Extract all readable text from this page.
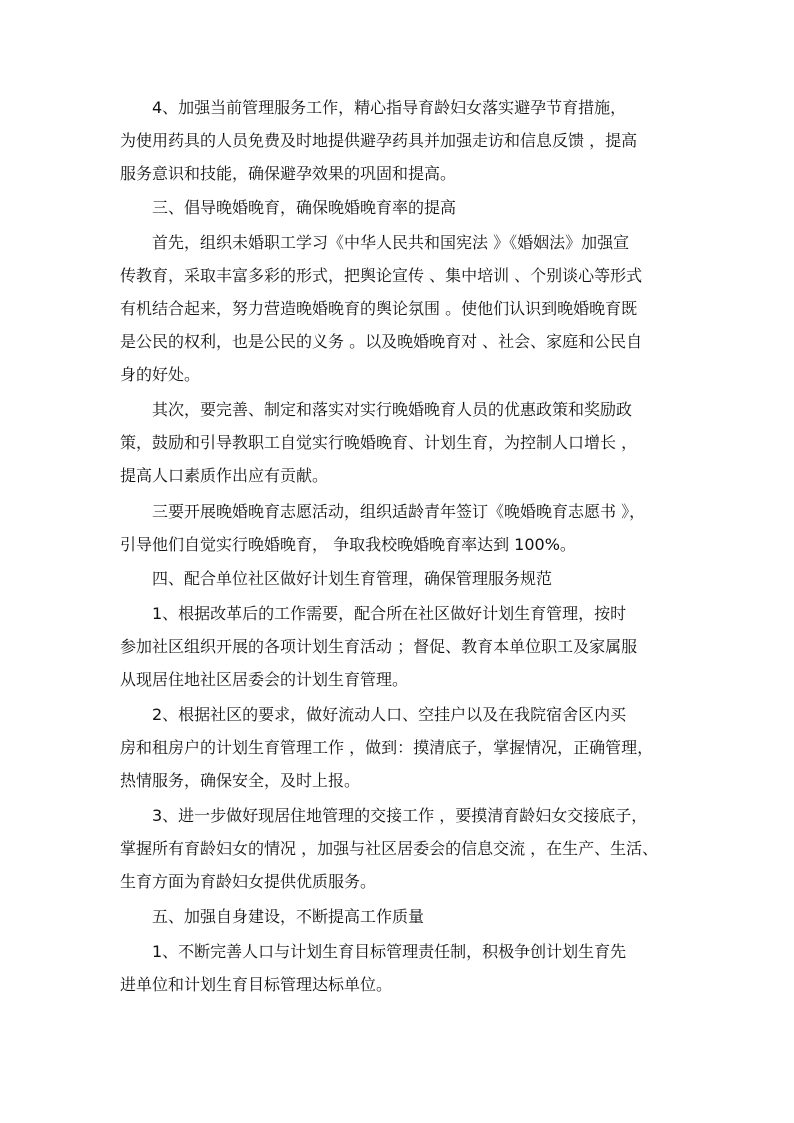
4、加强当前管理服务工作，精心指导育龄妇女落实避孕节育措施，
为使用药具的人员免费及时地提供避孕药具并加强走访和信息反馈 ，提高
服务意识和技能，确保避孕效果的巩固和提高。
三、倡导晚婚晚育，确保晚婚晚育率的提高
首先，组织未婚职工学习《中华人民共和国宪法 》《婚姻法》加强宣
传教育，采取丰富多彩的形式，把舆论宣传 、集中培训 、个别谈心等形式
有机结合起来，努力营造晚婚晚育的舆论氛围 。使他们认识到晚婚晚育既
是公民的权利，也是公民的义务 。以及晚婚晚育对 、社会、家庭和公民自
身的好处。
其次，要完善、制定和落实对实行晚婚晚育人员的优惠政策和奖励政
策，鼓励和引导教职工自觉实行晚婚晚育、计划生育，为控制人口增长 ，
提高人口素质作出应有贡献。
三要开展晚婚晚育志愿活动，组织适龄青年签订《晚婚晚育志愿书 》，
引导他们自觉实行晚婚晚育， 争取我校晚婚晚育率达到 100%。
四、配合单位社区做好计划生育管理，确保管理服务规范
1、根据改革后的工作需要，配合所在社区做好计划生育管理，按时
参加社区组织开展的各项计划生育活动 ；督促、教育本单位职工及家属服
从现居住地社区居委会的计划生育管理。
2、根据社区的要求，做好流动人口、空挂户以及在我院宿舍区内买
房和租房户的计划生育管理工作 ，做到：摸清底子，掌握情况，正确管理，
热情服务，确保安全，及时上报。
3、进一步做好现居住地管理的交接工作 ，要摸清育龄妇女交接底子，
掌握所有育龄妇女的情况 ，加强与社区居委会的信息交流 ，在生产、生活、
生育方面为育龄妇女提供优质服务。
五、加强自身建设，不断提高工作质量
1、不断完善人口与计划生育目标管理责任制，积极争创计划生育先
进单位和计划生育目标管理达标单位。
